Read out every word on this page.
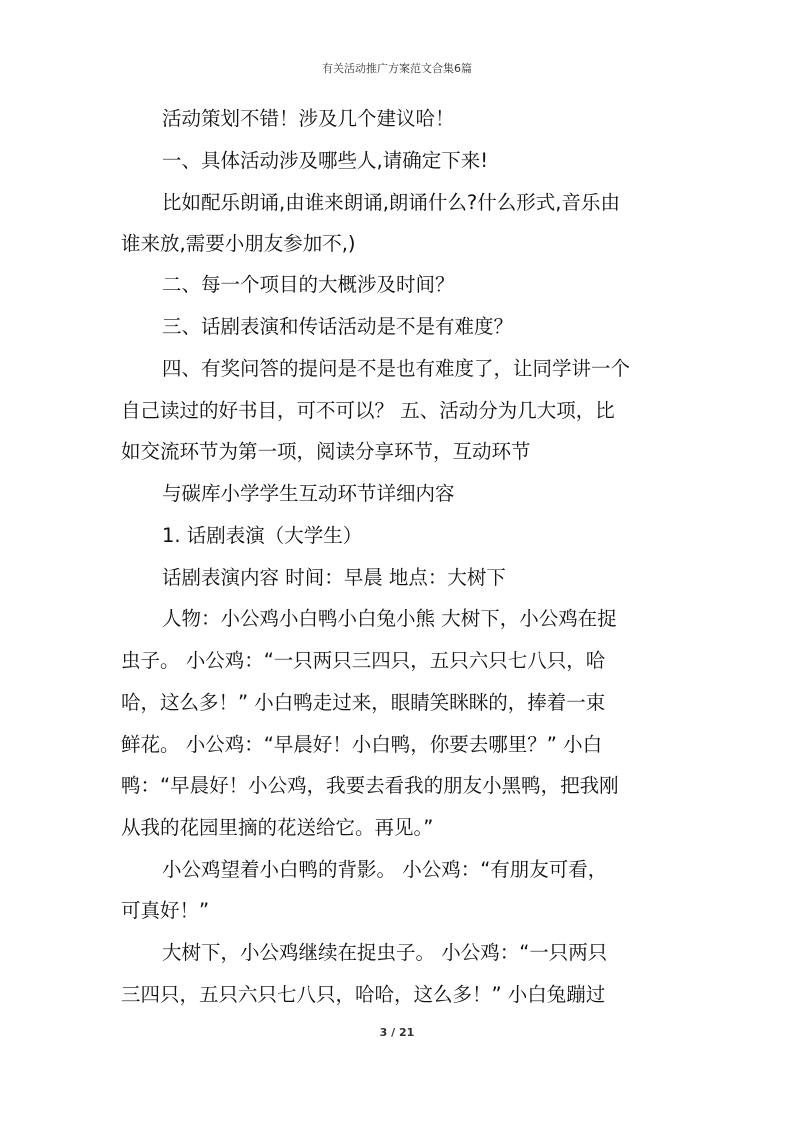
有关活动推广方案范文合集6篇
活动策划不错！涉及几个建议哈！
一、具体活动涉及哪些人,请确定下来!
比如配乐朗诵,由谁来朗诵,朗诵什么?什么形式,音乐由
谁来放,需要小朋友参加不,)
二、每一个项目的大概涉及时间？
三、话剧表演和传话活动是不是有难度？
四、有奖问答的提问是不是也有难度了，让同学讲一个
自己读过的好书目，可不可以？ 五、活动分为几大项，比
如交流环节为第一项，阅读分享环节，互动环节
与碳库小学学生互动环节详细内容
1. 话剧表演（大学生）
话剧表演内容 时间：早晨 地点：大树下
人物：小公鸡小白鸭小白兔小熊 大树下，小公鸡在捉
虫子。 小公鸡：“一只两只三四只，五只六只七八只，哈
哈，这么多！” 小白鸭走过来，眼睛笑眯眯的，捧着一束
鲜花。 小公鸡：“早晨好！小白鸭，你要去哪里？” 小白
鸭：“早晨好！小公鸡，我要去看我的朋友小黑鸭，把我刚
从我的花园里摘的花送给它。再见。”
小公鸡望着小白鸭的背影。 小公鸡：“有朋友可看，
可真好！”
大树下，小公鸡继续在捉虫子。 小公鸡：“一只两只
三四只，五只六只七八只，哈哈，这么多！” 小白兔蹦过
3 / 21
